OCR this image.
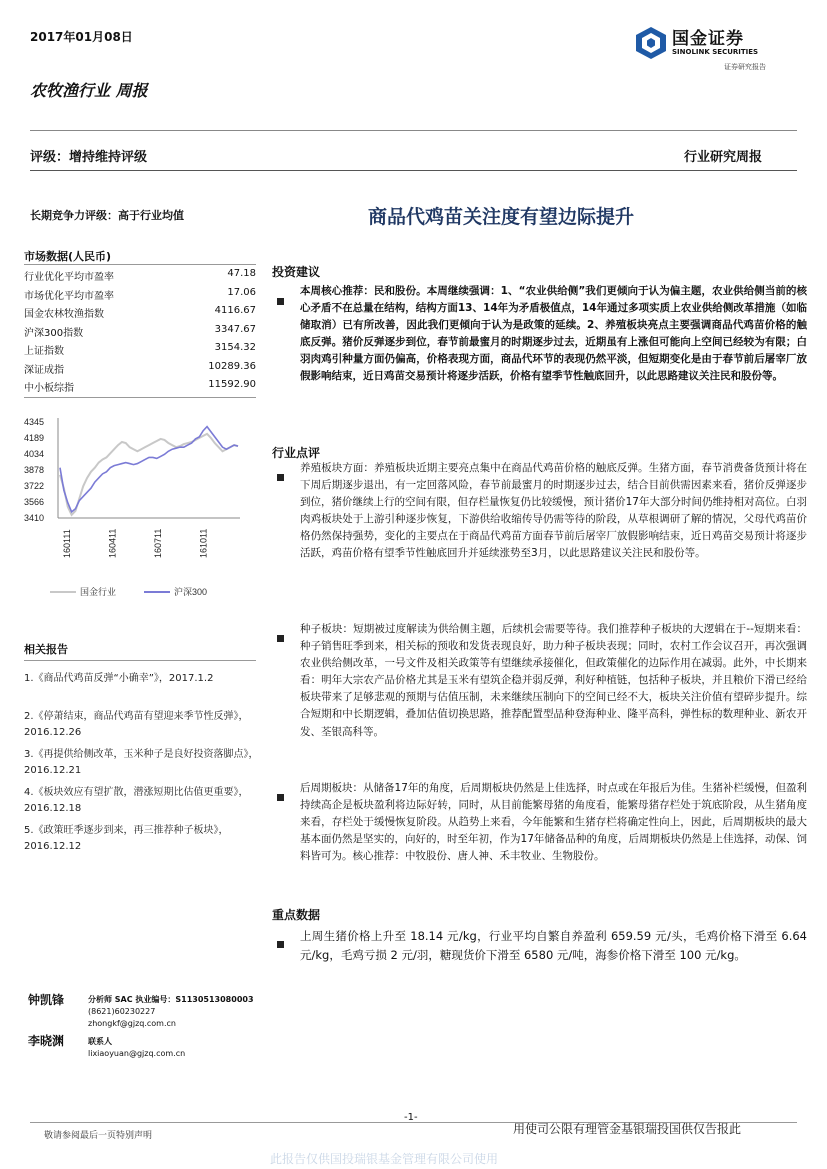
2017年01月08日	国金证券
SINOLINK SECURITIES
证券研究报告
农牧渔行业 周报
评级：增持维持评级	行业研究周报
长期竞争力评级：高于行业均值	商品代鸡苗关注度有望边际提升
市场数据(人民币)
行业优化平均市盈率	47.18
市场优化平均市盈率	17.06
国金农林牧渔指数	4116.67
沪深300指数	3347.67
上证指数	3154.32
深证成指	10289.36
中小板综指	11592.90
4345
4189
4034
3878
3722
3566
3410
160111	160411	160711	161011
国金行业	沪深300
相关报告
1.《商品代鸡苗反弹“小确幸”》，2017.1.2
2.《停萧结束，商品代鸡苗有望迎来季节性反弹》，2016.12.26
3.《再提供给侧改革，玉米种子是良好投资落脚点》，2016.12.21
4.《板块效应有望扩散，潜涨短期比估值更重要》，2016.12.18
5.《政策旺季逐步到来，再三推荐种子板块》，2016.12.12
投资建议
本周核心推荐：民和股份。本周继续强调：1、“农业供给侧”我们更倾向于认为偏主题，农业供给侧当前的核心矛盾不在总量在结构，结构方面13、14年为矛盾极值点，14年通过多项实质上农业供给侧改革措施（如临储取消）已有所改善，因此我们更倾向于认为是政策的延续。2、养殖板块亮点主要强调商品代鸡苗价格的触底反弹。猪价反弹逐步到位，春节前最蜜月的时期逐步过去，近期虽有上涨但可能向上空间已经较为有限；白羽肉鸡引种量方面仍偏高，价格表现方面，商品代环节的表现仍然平淡，但短期变化是由于春节前后屠宰厂放假影响结束，近日鸡苗交易预计将逐步活跃，价格有望季节性触底回升，以此思路建议关注民和股份等。
行业点评
养殖板块方面：养殖板块近期主要亮点集中在商品代鸡苗价格的触底反弹。生猪方面，春节消费备货预计将在下周后期逐步退出，有一定回落风险，春节前最蜜月的时期逐步过去，结合目前供需因素来看，猪价反弹逐步到位，猪价继续上行的空间有限，但存栏量恢复仍比较缓慢，预计猪价17年大部分时间仍维持相对高位。白羽肉鸡板块处于上游引种逐步恢复，下游供给收缩传导仍需等待的阶段，从草根调研了解的情况，父母代鸡苗价格仍然保持强势，变化的主要点在于商品代鸡苗方面春节前后屠宰厂放假影响结束，近日鸡苗交易预计将逐步活跃，鸡苗价格有望季节性触底回升并延续涨势至3月，以此思路建议关注民和股份等。
种子板块：短期被过度解读为供给侧主题，后续机会需要等待。我们推荐种子板块的大逻辑在于--短期来看：种子销售旺季到来，相关标的预收和发货表现良好，助力种子板块表现；同时，农村工作会议召开，再次强调农业供给侧改革，一号文件及相关政策等有望继续承接催化，但政策催化的边际作用在减弱。此外，中长期来看：明年大宗农产品价格尤其是玉米有望筑企稳并弱反弹，利好种植链，包括种子板块，并且粮价下滑已经给板块带来了足够悲观的预期与估值压制，未来继续压制向下的空间已经不大，板块关注价值有望碎步提升。综合短期和中长期逻辑，叠加估值切换思路，推荐配置型品种登海种业、隆平高科，弹性标的数理种业、新农开发、荃银高科等。
后周期板块：从储备17年的角度，后周期板块仍然是上佳选择，时点或在年报后为佳。生猪补栏缓慢，但盈利持续高企是板块盈利将边际好转，同时，从目前能繁母猪的角度看，能繁母猪存栏处于筑底阶段，从生猪角度来看，存栏处于缓慢恢复阶段。从趋势上来看，今年能繁和生猪存栏将确定性向上，因此，后周期板块的最大基本面仍然是坚实的，向好的，时至年初，作为17年储备品种的角度，后周期板块仍然是上佳选择，动保、饲料皆可为。核心推荐：中牧股份、唐人神、禾丰牧业、生物股份。
重点数据
上周生猪价格上升至 18.14 元/kg，行业平均自繁自养盈利 659.59 元/头，毛鸡价格下滑至 6.64 元/kg，毛鸡亏损 2 元/羽，糖现货价下滑至 6580 元/吨，海参价格下滑至 100 元/kg。
钟凯锋	分析师 SAC 执业编号：S1130513080003
(8621)60230227
zhongkf@gjzq.com.cn
李晓渊	联系人
lixiaoyuan@gjzq.com.cn
-1-
敬请参阅最后一页特别声明	用使司公限有理管金基银瑞投国供仅告报此
此报告仅供国投瑞银基金管理有限公司使用
